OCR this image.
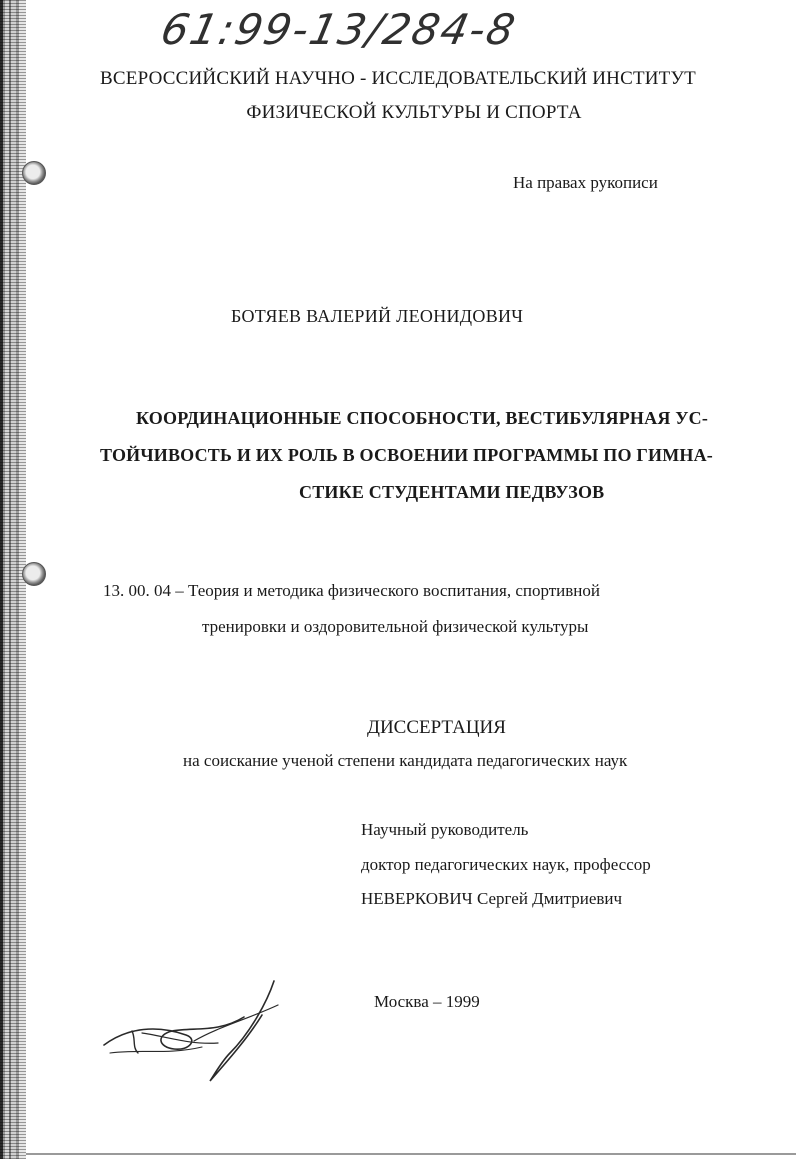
61:99-13/284-8
ВСЕРОССИЙСКИЙ НАУЧНО - ИССЛЕДОВАТЕЛЬСКИЙ ИНСТИТУТ
ФИЗИЧЕСКОЙ КУЛЬТУРЫ И СПОРТА
На правах рукописи
БОТЯЕВ ВАЛЕРИЙ ЛЕОНИДОВИЧ
КООРДИНАЦИОННЫЕ СПОСОБНОСТИ, ВЕСТИБУЛЯРНАЯ УС-
ТОЙЧИВОСТЬ И ИХ РОЛЬ В ОСВОЕНИИ ПРОГРАММЫ ПО ГИМНА-
СТИКЕ СТУДЕНТАМИ ПЕДВУЗОВ
13. 00. 04 – Теория и методика физического воспитания, спортивной
тренировки и оздоровительной физической культуры
ДИССЕРТАЦИЯ
на соискание ученой степени кандидата педагогических наук
Научный руководитель
доктор педагогических наук, профессор
НЕВЕРКОВИЧ Сергей Дмитриевич
Москва – 1999
